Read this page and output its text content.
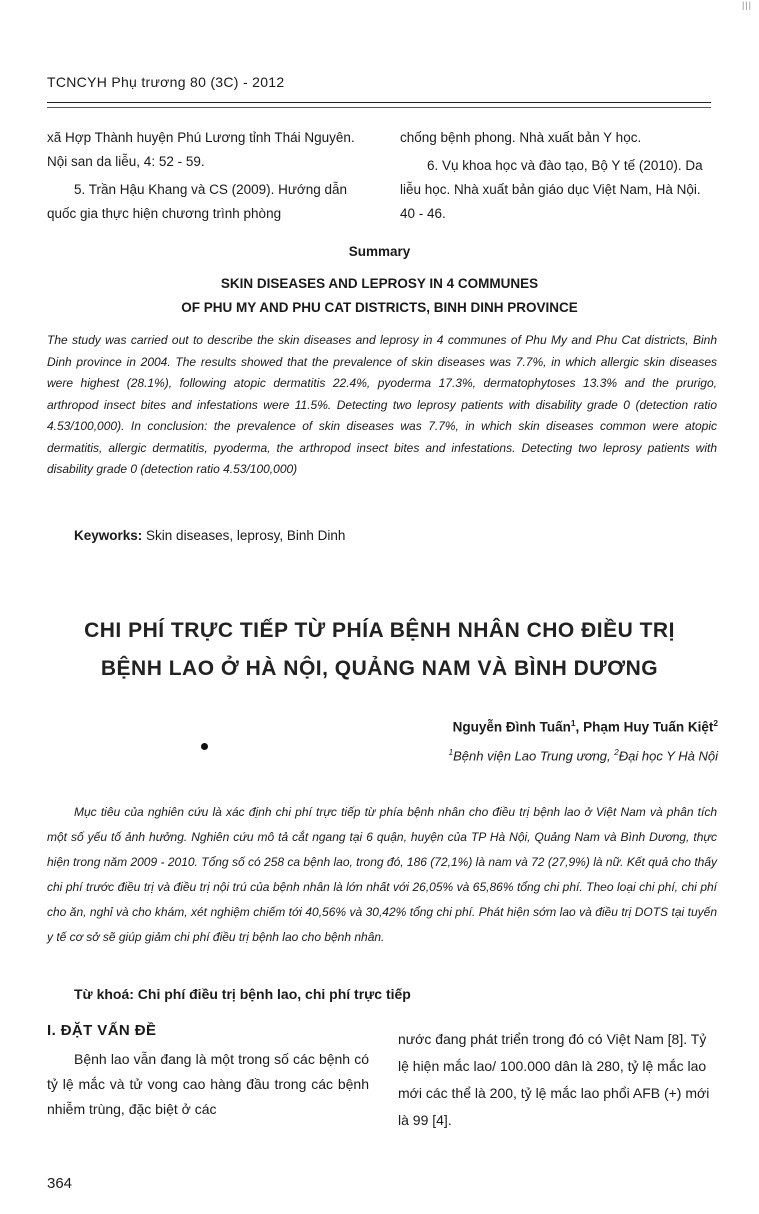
|||
TCNCYH Phụ trương 80 (3C) - 2012

xã Hợp Thành huyện Phú Lương tỉnh Thái Nguyên. Nội san da liễu, 4: 52 - 59.

5. Trần Hậu Khang và CS (2009). Hướng dẫn quốc gia thực hiện chương trình phòng

chống bệnh phong. Nhà xuất bản Y học.

6. Vụ khoa học và đào tạo, Bộ Y tế (2010). Da liễu học. Nhà xuất bản giáo dục Việt Nam, Hà Nội. 40 - 46.

Summary
SKIN DISEASES AND LEPROSY IN 4 COMMUNES
OF PHU MY AND PHU CAT DISTRICTS, BINH DINH PROVINCE
The study was carried out to describe the skin diseases and leprosy in 4 communes of Phu My and Phu Cat districts, Binh Dinh province in 2004. The results showed that the prevalence of skin diseases was 7.7%, in which allergic skin diseases were highest (28.1%), following atopic dermatitis 22.4%, pyoderma 17.3%, dermatophytoses 13.3% and the prurigo, arthropod insect bites and infestations were 11.5%. Detecting two leprosy patients with disability grade 0 (detection ratio 4.53/100,000). In conclusion: the prevalence of skin diseases was 7.7%, in which skin diseases common were atopic dermatitis, allergic dermatitis, pyoderma, the arthropod insect bites and infestations. Detecting two leprosy patients with disability grade 0 (detection ratio 4.53/100,000)
Keyworks: Skin diseases, leprosy, Binh Dinh
CHI PHÍ TRỰC TIẾP TỪ PHÍA BỆNH NHÂN CHO ĐIỀU TRỊ
BỆNH LAO Ở HÀ NỘI, QUẢNG NAM VÀ BÌNH DƯƠNG
Nguyễn Đình Tuấn$^1$, Phạm Huy Tuấn Kiệt$^2$
$^1$Bệnh viện Lao Trung ương, $^2$Đại học Y Hà Nội
Mục tiêu của nghiên cứu là xác định chi phí trực tiếp từ phía bệnh nhân cho điều trị bệnh lao ở Việt Nam và phân tích một số yếu tố ảnh hưởng. Nghiên cứu mô tả cắt ngang tại 6 quận, huyện của TP Hà Nội, Quảng Nam và Bình Dương, thực hiện trong năm 2009 - 2010. Tổng số có 258 ca bệnh lao, trong đó, 186 (72,1%) là nam và 72 (27,9%) là nữ. Kết quả cho thấy chi phí trước điều trị và điều trị nội trú của bệnh nhân là lớn nhất với 26,05% và 65,86% tổng chi phí. Theo loại chi phí, chi phí cho ăn, nghỉ và cho khám, xét nghiệm chiếm tới 40,56% và 30,42% tổng chi phí. Phát hiện sớm lao và điều trị DOTS tại tuyến y tế cơ sở sẽ giúp giảm chi phí điều trị bệnh lao cho bệnh nhân.
Từ khoá: Chi phí điều trị bệnh lao, chi phí trực tiếp

I. ĐẶT VẤN ĐỀ

Bệnh lao vẫn đang là một trong số các bệnh có tỷ lệ mắc và tử vong cao hàng đầu trong các bệnh nhiễm trùng, đặc biệt ở các

nước đang phát triển trong đó có Việt Nam [8]. Tỷ lệ hiện mắc lao/ 100.000 dân là 280, tỷ lệ mắc lao mới các thể là 200, tỷ lệ mắc lao phổi AFB (+) mới là 99 [4].

364
